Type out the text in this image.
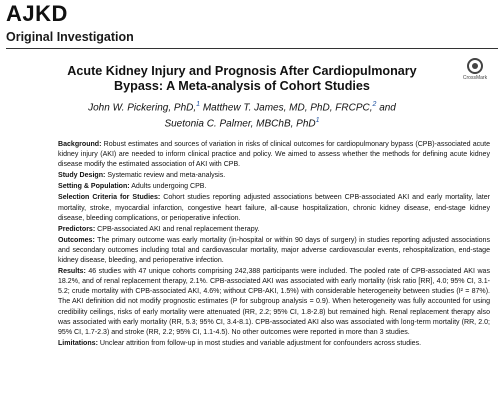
AJKD
Original Investigation
CrossMark
Acute Kidney Injury and Prognosis After Cardiopulmonary
Bypass: A Meta-analysis of Cohort Studies
John W. Pickering, PhD,$^1$ Matthew T. James, MD, PhD, FRCPC,$^2$ and
Suetonia C. Palmer, MBChB, PhD$^1$

Background: Robust estimates and sources of variation in risks of clinical outcomes for cardiopulmonary bypass (CPB)-associated acute kidney injury (AKI) are needed to inform clinical practice and policy. We aimed to assess whether the methods for defining acute kidney disease modify the estimated association of AKI with CPB.

Study Design: Systematic review and meta-analysis.

Setting & Population: Adults undergoing CPB.

Selection Criteria for Studies: Cohort studies reporting adjusted associations between CPB-associated AKI and early mortality, later mortality, stroke, myocardial infarction, congestive heart failure, all-cause hospitalization, chronic kidney disease, end-stage kidney disease, bleeding complications, or perioperative infection.

Predictors: CPB-associated AKI and renal replacement therapy.

Outcomes: The primary outcome was early mortality (in-hospital or within 90 days of surgery) in studies reporting adjusted associations and secondary outcomes including total and cardiovascular mortality, major adverse cardiovascular events, rehospitalization, end-stage kidney disease, bleeding, and perioperative infection.

Results: 46 studies with 47 unique cohorts comprising 242,388 participants were included. The pooled rate of CPB-associated AKI was 18.2%, and of renal replacement therapy, 2.1%. CPB-associated AKI was associated with early mortality (risk ratio [RR], 4.0; 95% CI, 3.1-5.2; crude mortality with CPB-associated AKI, 4.6%; without CPB-AKI, 1.5%) with considerable heterogeneity between studies (I² = 87%). The AKI definition did not modify prognostic estimates (P for subgroup analysis = 0.9). When heterogeneity was fully accounted for using credibility ceilings, risks of early mortality were attenuated (RR, 2.2; 95% CI, 1.8-2.8) but remained high. Renal replacement therapy also was associated with early mortality (RR, 5.3; 95% CI, 3.4-8.1). CPB-associated AKI also was associated with long-term mortality (RR, 2.0; 95% CI, 1.7-2.3) and stroke (RR, 2.2; 95% CI, 1.1-4.5). No other outcomes were reported in more than 3 studies.

Limitations: Unclear attrition from follow-up in most studies and variable adjustment for confounders across studies.
